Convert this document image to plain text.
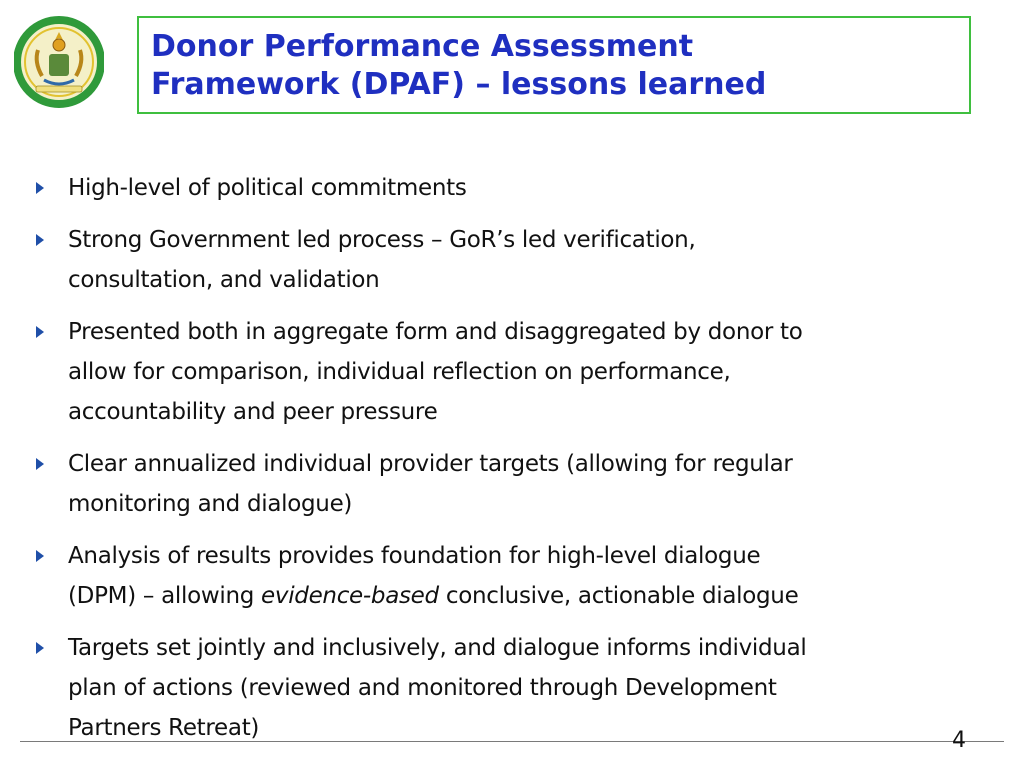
Donor Performance Assessment
Framework (DPAF) – lessons learned
High-level of political commitments
Strong Government led process – GoR’s led verification,
consultation, and validation
Presented both in aggregate form and disaggregated by donor to
allow for comparison, individual reflection on performance,
accountability and peer pressure
Clear annualized individual provider targets (allowing for regular
monitoring and dialogue)
Analysis of results provides foundation for high-level dialogue
(DPM) – allowing evidence-based conclusive, actionable dialogue
Targets set jointly and inclusively, and dialogue informs individual
plan of actions (reviewed and monitored through Development
Partners Retreat)	4
